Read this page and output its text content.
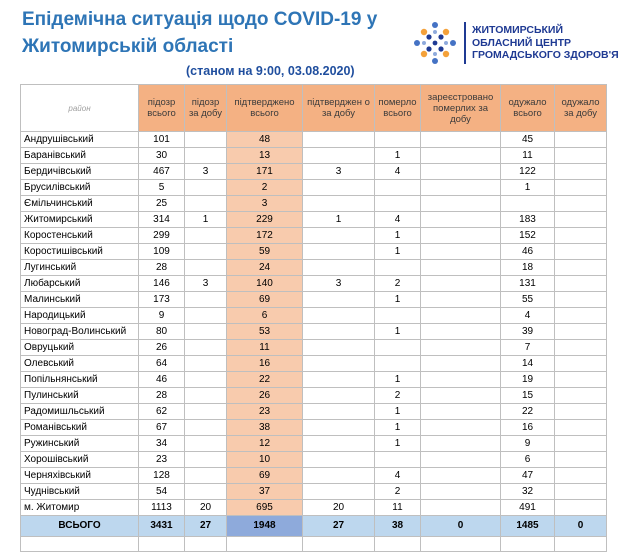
Епідемічна ситуація щодо COVID-19 у
Житомирській області
(станом на 9:00, 03.08.2020)
ЖИТОМИРСЬКИЙ
ОБЛАСНИЙ ЦЕНТР
ГРОМАДСЬКОГО ЗДОРОВ'Я
район	підозр всього	підозр за добу	підтверджено всього	підтверджен о за добу	померло всього	зареєстровано померлих за добу	одужало всього	одужало за добу
Андрушівський	101		48				45	
Баранівський	30		13		1		11	
Бердичівський	467	3	171	3	4		122	
Брусилівський	5		2				1	
Ємільчинський	25		3					
Житомирський	314	1	229	1	4		183	
Коростенський	299		172		1		152	
Коростишівський	109		59		1		46	
Лугинський	28		24				18	
Любарський	146	3	140	3	2		131	
Малинський	173		69		1		55	
Народицький	9		6				4	
Новоград-Волинський	80		53		1		39	
Овруцький	26		11				7	
Олевський	64		16				14	
Попільнянський	46		22		1		19	
Пулинський	28		26		2		15	
Радомишльський	62		23		1		22	
Романівський	67		38		1		16	
Ружинський	34		12		1		9	
Хорошівський	23		10				6	
Черняхівський	128		69		4		47	
Чуднівський	54		37		2		32	
м. Житомир	1113	20	695	20	11		491	
ВСЬОГО	3431	27	1948	27	38	0	1485	0
